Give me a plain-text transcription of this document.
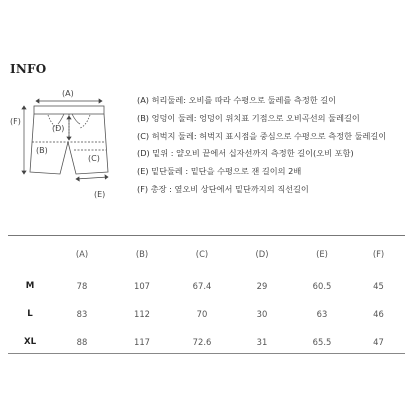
INFO
(A)
(B)
(D)
(C)
(E)
(F)
(A) 허리둘레: 오비를 따라 수평으로 둘레를 측정한 길이
(B) 엉덩이 둘레: 엉덩이 위치표 기점으로 오비곡선의 둘레길이
(C) 허벅지 둘레: 허벅지 표시점을 중심으로 수평으로 측정한 둘레길이
(D) 밑위 : 얄오비 끝에서 십자선까지 측정한 길이(오비 포함)
(E) 밑단둘레 : 밑단을 수평으로 잰 길이의 2배
(F) 총장 : 옆오비 상단에서 밑단까지의 직선길이
	(A)	(B)	(C)	(D)	(E)	(F)
M	78	107	67.4	29	60.5	45
L	83	112	70	30	63	46
XL	88	117	72.6	31	65.5	47
